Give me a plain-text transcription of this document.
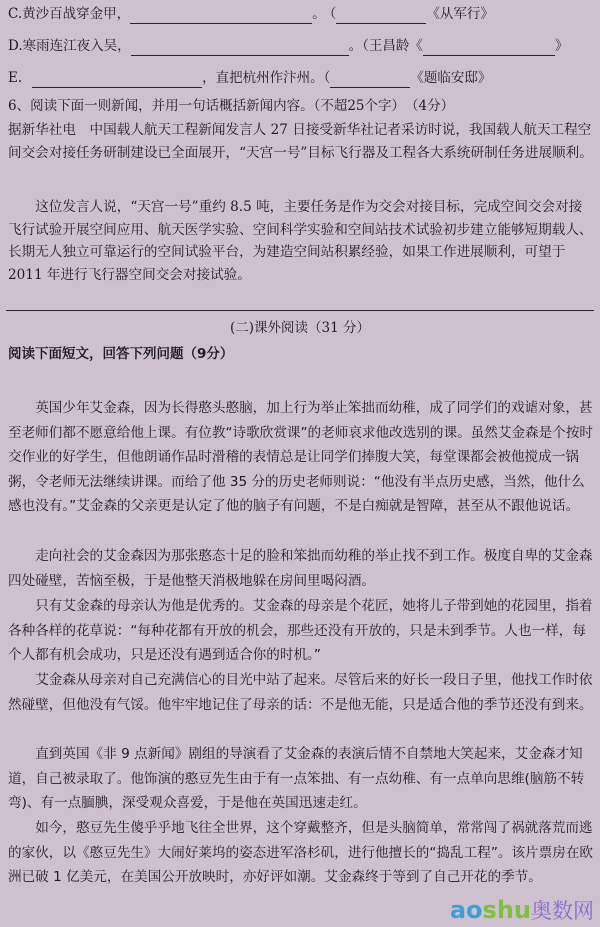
C.黄沙百战穿金甲，	。 （	《从军行》
D.寒雨连江夜入吴，	。（王昌龄《	》
E.	，直把杭州作汴州。（	《题临安邸》
6、阅读下面一则新闻，并用一句话概括新闻内容。（不超25个字）　（4分）

据新华社电　中国载人航天工程新闻发言人 27 日接受新华社记者采访时说，我国载人航天工程空间交会对接任务研制建设已全面展开，“天宫一号”目标飞行器及工程各大系统研制任务进展顺利。

这位发言人说，“天宫一号”重约 8.5 吨，主要任务是作为交会对接目标，完成空间交会对接飞行试验开展空间应用、航天医学实验、空间科学实验和空间站技术试验初步建立能够短期载人、长期无人独立可靠运行的空间试验平台，为建造空间站积累经验，如果工作进展顺利，可望于 2011 年进行飞行器空间交会对接试验。

(二)课外阅读（31 分）
阅读下面短文，回答下列问题（9分）

英国少年艾金森，因为长得憨头憨脑，加上行为举止笨拙而幼稚，成了同学们的戏谑对象，甚至老师们都不愿意给他上课。有位教“诗歌欣赏课”的老师哀求他改选别的课。虽然艾金森是个按时交作业的好学生，但他朗诵作品时滑稽的表情总是让同学们捧腹大笑，每堂课都会被他搅成一锅粥，令老师无法继续讲课。而给了他 35 分的历史老师则说：“他没有半点历史感，当然，他什么感也没有。”艾金森的父亲更是认定了他的脑子有问题，不是白痴就是智障，甚至从不跟他说话。

走向社会的艾金森因为那张憨态十足的脸和笨拙而幼稚的举止找不到工作。极度自卑的艾金森四处碰壁，苦恼至极，于是他整天消极地躲在房间里喝闷酒。

只有艾金森的母亲认为他是优秀的。艾金森的母亲是个花匠，她将儿子带到她的花园里，指着各种各样的花草说：“每种花都有开放的机会，那些还没有开放的，只是未到季节。人也一样，每个人都有机会成功，只是还没有遇到适合你的时机。”

艾金森从母亲对自己充满信心的目光中站了起来。尽管后来的好长一段日子里，他找工作时依然碰壁，但他没有气馁。他牢牢地记住了母亲的话：不是他无能，只是适合他的季节还没有到来。

直到英国《非 9 点新闻》剧组的导演看了艾金森的表演后情不自禁地大笑起来，艾金森才知道，自己被录取了。他饰演的憨豆先生由于有一点笨拙、有一点幼稚、有一点单向思维(脑筋不转弯)、有一点腼腆，深受观众喜爱，于是他在英国迅速走红。

如今，憨豆先生傻乎乎地飞往全世界，这个穿戴整齐，但是头脑简单，常常闯了祸就落荒而逃的家伙，以《憨豆先生》大闹好莱坞的姿态进军洛杉矶，进行他擅长的“捣乱工程”。该片票房在欧洲已破 1 亿美元，在美国公开放映时，亦好评如潮。艾金森终于等到了自己开花的季节。

aoshu奥数网
